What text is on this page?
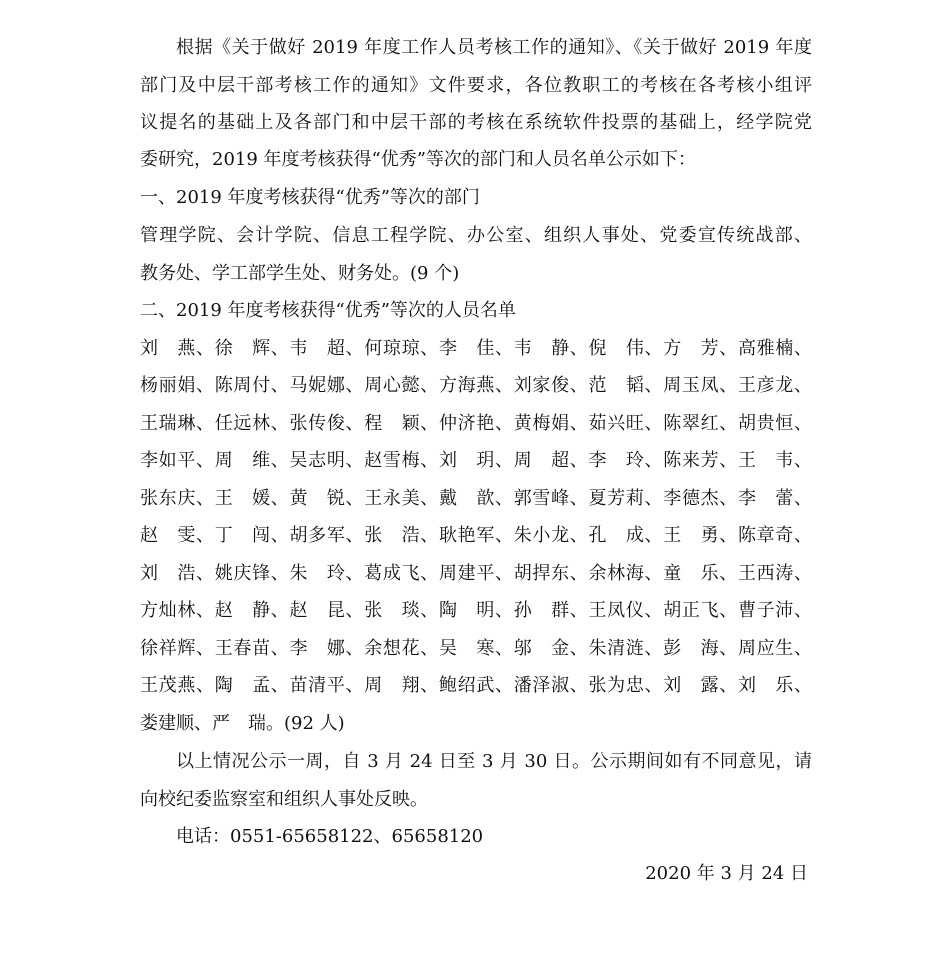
根据《关于做好 2019 年度工作人员考核工作的通知》、《关于做好 2019 年度
部门及中层干部考核工作的通知》文件要求，各位教职工的考核在各考核小组评
议提名的基础上及各部门和中层干部的考核在系统软件投票的基础上，经学院党
委研究，2019 年度考核获得“优秀”等次的部门和人员名单公示如下：
一、2019 年度考核获得“优秀”等次的部门
管理学院、会计学院、信息工程学院、办公室、组织人事处、党委宣传统战部、
教务处、学工部学生处、财务处。(9 个)
二、2019 年度考核获得“优秀”等次的人员名单
刘　燕、徐　辉、韦　超、何琼琼、李　佳、韦　静、倪　伟、方　芳、高雅楠、
杨丽娟、陈周付、马妮娜、周心懿、方海燕、刘家俊、范　韬、周玉凤、王彦龙、
王瑞琳、任远林、张传俊、程　颖、仲济艳、黄梅娟、茹兴旺、陈翠红、胡贵恒、
李如平、周　维、吴志明、赵雪梅、刘　玥、周　超、李　玲、陈来芳、王　韦、
张东庆、王　媛、黄　锐、王永美、戴　歆、郭雪峰、夏芳莉、李德杰、李　蕾、
赵　雯、丁　闯、胡多军、张　浩、耿艳军、朱小龙、孔　成、王　勇、陈章奇、
刘　浩、姚庆锋、朱　玲、葛成飞、周建平、胡捍东、余林海、童　乐、王西涛、
方灿林、赵　静、赵　昆、张　琰、陶　明、孙　群、王凤仪、胡正飞、曹子沛、
徐祥辉、王春苗、李　娜、余想花、吴　寒、邬　金、朱清涟、彭　海、周应生、
王茂燕、陶　孟、苗清平、周　翔、鲍绍武、潘泽淑、张为忠、刘　露、刘　乐、
娄建顺、严　瑞。(92 人)
以上情况公示一周，自 3 月 24 日至 3 月 30 日。公示期间如有不同意见，请
向校纪委监察室和组织人事处反映。
电话：0551-65658122、65658120
2020 年 3 月 24 日
